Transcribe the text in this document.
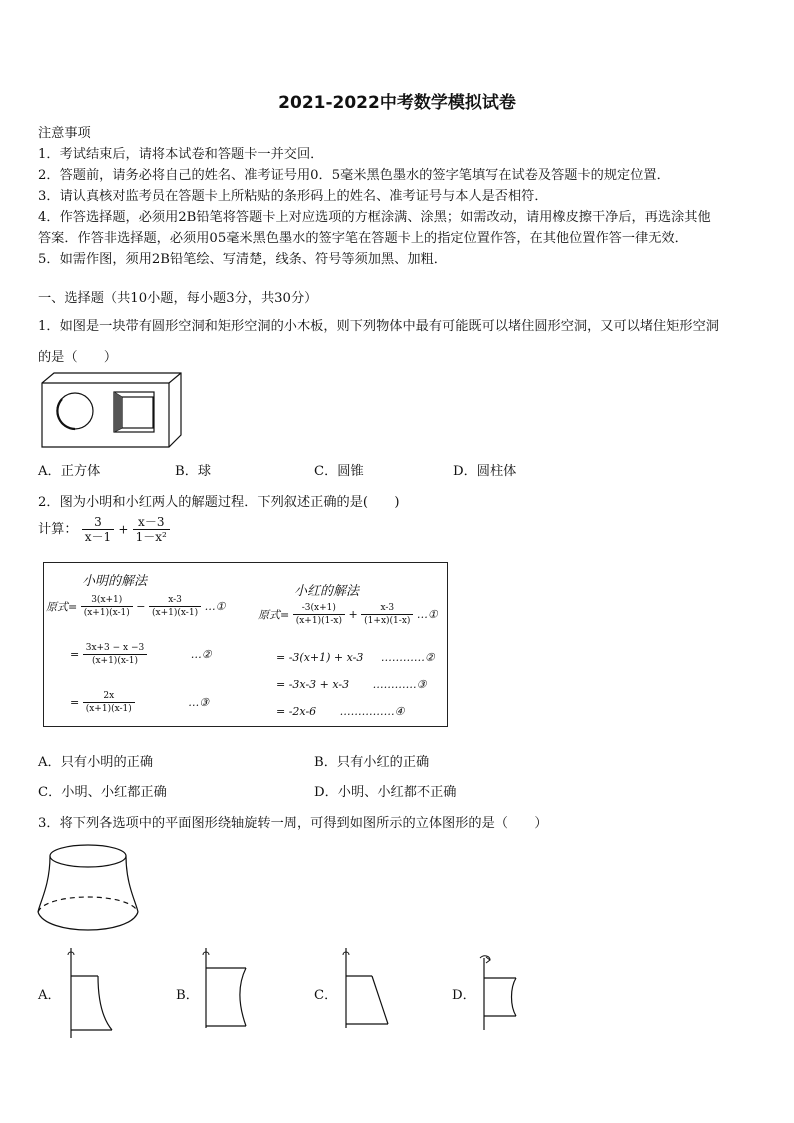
2021-2022中考数学模拟试卷
注意事项
1．考试结束后，请将本试卷和答题卡一并交回．
2．答题前，请务必将自己的姓名、准考证号用0．5毫米黑色墨水的签字笔填写在试卷及答题卡的规定位置．
3．请认真核对监考员在答题卡上所粘贴的条形码上的姓名、准考证号与本人是否相符．
4．作答选择题，必须用2B铅笔将答题卡上对应选项的方框涂满、涂黑；如需改动，请用橡皮擦干净后，再选涂其他
答案．作答非选择题，必须用05毫米黑色墨水的签字笔在答题卡上的指定位置作答，在其他位置作答一律无效．
5．如需作图，须用2B铅笔绘、写清楚，线条、符号等须加黑、加粗．
一、选择题（共10小题，每小题3分，共30分）
1．如图是一块带有圆形空洞和矩形空洞的小木板，则下列物体中最有可能既可以堵住圆形空洞，又可以堵住矩形空洞
的是（　　）
A．正方体	B．球	C．圆锥	D．圆柱体
2．图为小明和小红两人的解题过程．下列叙述正确的是(　　)
计算： $\frac{3}{x-1} + \frac{x-3}{\text{1－x²}}$
小明的解法
小红的解法
原式= $\frac{3(x+1)}{(x+1)(x-1)} - \frac{x-3}{(x+1)(x-1)}$ …①
= $\frac{3x+3 - x -3}{(x+1)(x-1)}$	…②
= $\frac{2x}{(x+1)(x-1)}$	…③
原式= $\frac{-3(x+1)}{(x+1)(1-x)} + \frac{x-3}{(1+x)(1-x)}$ …①
= -3(x+1) + x-3 …………②
= -3x-3 + x-3 …………③
= -2x-6 ……………④
A．只有小明的正确	B．只有小红的正确
C．小明、小红都正确	D．小明、小红都不正确
3．将下列各选项中的平面图形绕轴旋转一周，可得到如图所示的立体图形的是（　　）
A．	B．	C．	D．
